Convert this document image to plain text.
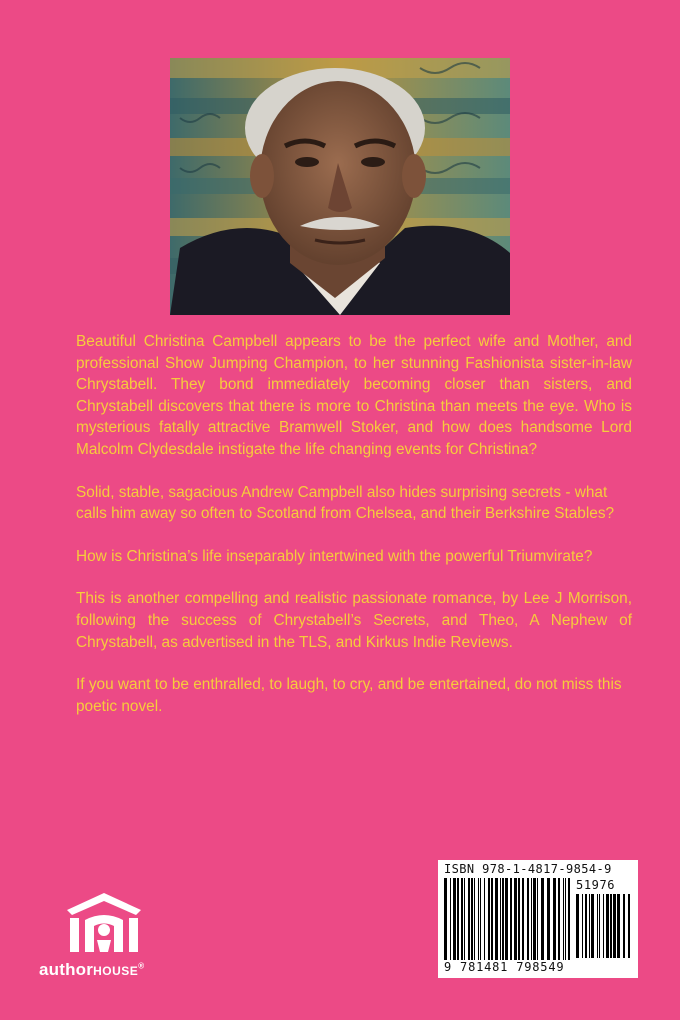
Beautiful Christina Campbell appears to be the perfect wife and Mother, and professional Show Jumping Champion, to her stunning Fashionista sister-in-law Chrystabell. They bond immediately becoming closer than sisters, and Chrystabell discovers that there is more to Christina than meets the eye. Who is mysterious fatally attractive Bramwell Stoker, and how does handsome Lord Malcolm Clydesdale instigate the life changing events for Christina?

Solid, stable, sagacious Andrew Campbell also hides surprising secrets - what calls him away so often to Scotland from Chelsea, and their Berkshire Stables?

How is Christina’s life inseparably intertwined with the powerful Triumvirate?

This is another compelling and realistic passionate romance, by Lee J Morrison, following the success of Chrystabell’s Secrets, and Theo, A Nephew of Chrystabell, as advertised in the TLS, and Kirkus Indie Reviews.

If you want to be enthralled, to laugh, to cry, and be entertained, do not miss this poetic novel.

authorHOUSE®
ISBN 978-1-4817-9854-9
51976
9 781481 798549
